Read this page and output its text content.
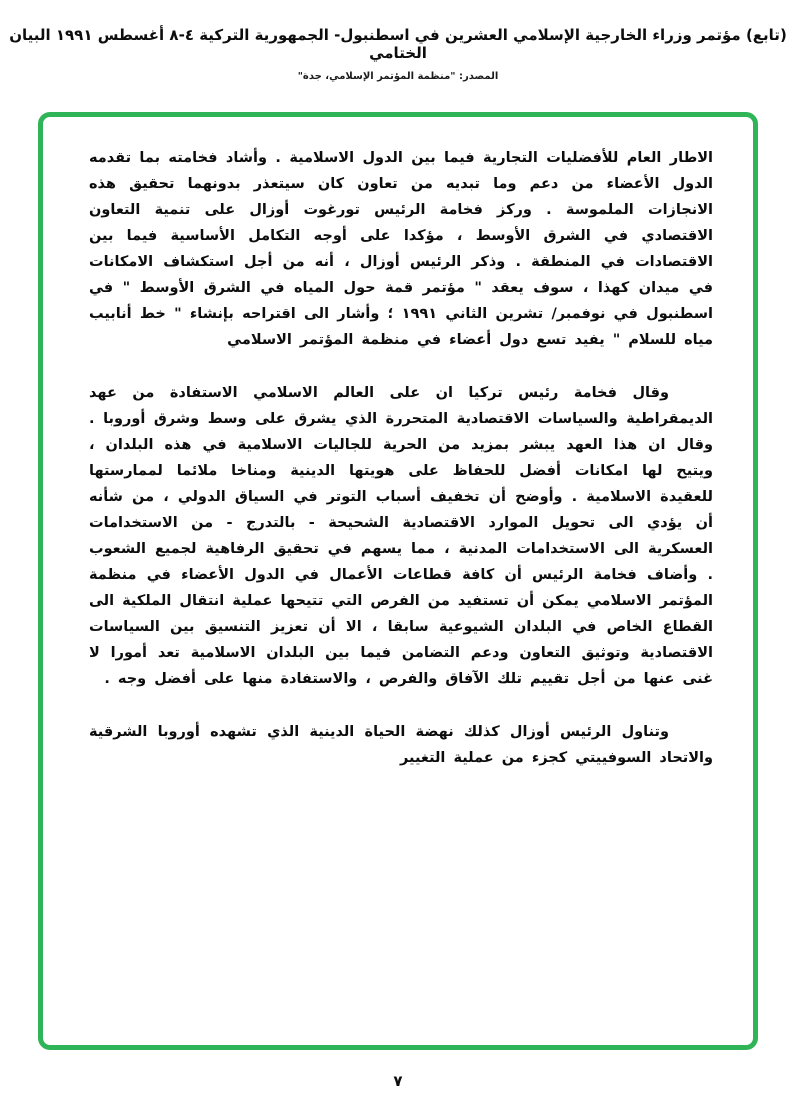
(تابع) مؤتمر وزراء الخارجية الإسلامي العشرين في اسطنبول- الجمهورية التركية ٤-٨ أغسطس ١٩٩١ البيان الختامي
المصدر: "منظمة المؤتمر الإسلامي، جدة"

الاطار العام للأفضليات التجارية فيما بين الدول الاسلامية . وأشاد فخامته بما تقدمه الدول الأعضاء من دعم وما تبديه من تعاون كان سيتعذر بدونهما تحقيق هذه الانجازات الملموسة . وركز فخامة الرئيس تورغوت أوزال على تنمية التعاون الاقتصادي في الشرق الأوسط ، مؤكدا على أوجه التكامل الأساسية فيما بين الاقتصادات في المنطقة . وذكر الرئيس أوزال ، أنه من أجل استكشاف الامكانات في ميدان كهذا ، سوف يعقد " مؤتمر قمة حول المياه في الشرق الأوسط " في اسطنبول في نوفمبر/ تشرين الثاني ١٩٩١ ؛ وأشار الى اقتراحه بإنشاء " خط أنابيب مياه للسلام " يفيد تسع دول أعضاء في منظمة المؤتمر الاسلامي

وقال فخامة رئيس تركيا ان على العالم الاسلامي الاستفادة من عهد الديمقراطية والسياسات الاقتصادية المتحررة الذي يشرق على وسط وشرق أوروبا . وقال ان هذا العهد يبشر بمزيد من الحرية للجاليات الاسلامية في هذه البلدان ، ويتيح لها امكانات أفضل للحفاظ على هويتها الدينية ومناخا ملائما لممارستها للعقيدة الاسلامية . وأوضح أن تخفيف أسباب التوتر في السياق الدولي ، من شأنه أن يؤدي الى تحويل الموارد الاقتصادية الشحيحة - بالتدرج - من الاستخدامات العسكرية الى الاستخدامات المدنية ، مما يسهم في تحقيق الرفاهية لجميع الشعوب . وأضاف فخامة الرئيس أن كافة قطاعات الأعمال في الدول الأعضاء في منظمة المؤتمر الاسلامي يمكن أن تستفيد من الفرص التي تتيحها عملية انتقال الملكية الى القطاع الخاص في البلدان الشيوعية سابقا ، الا أن تعزيز التنسيق بين السياسات الاقتصادية وتوثيق التعاون ودعم التضامن فيما بين البلدان الاسلامية تعد أمورا لا غنى عنها من أجل تقييم تلك الآفاق والفرص ، والاستفادة منها على أفضل وجه .

وتناول الرئيس أوزال كذلك نهضة الحياة الدينية الذي تشهده أوروبا الشرقية والاتحاد السوفييتي كجزء من عملية التغيير

٧
